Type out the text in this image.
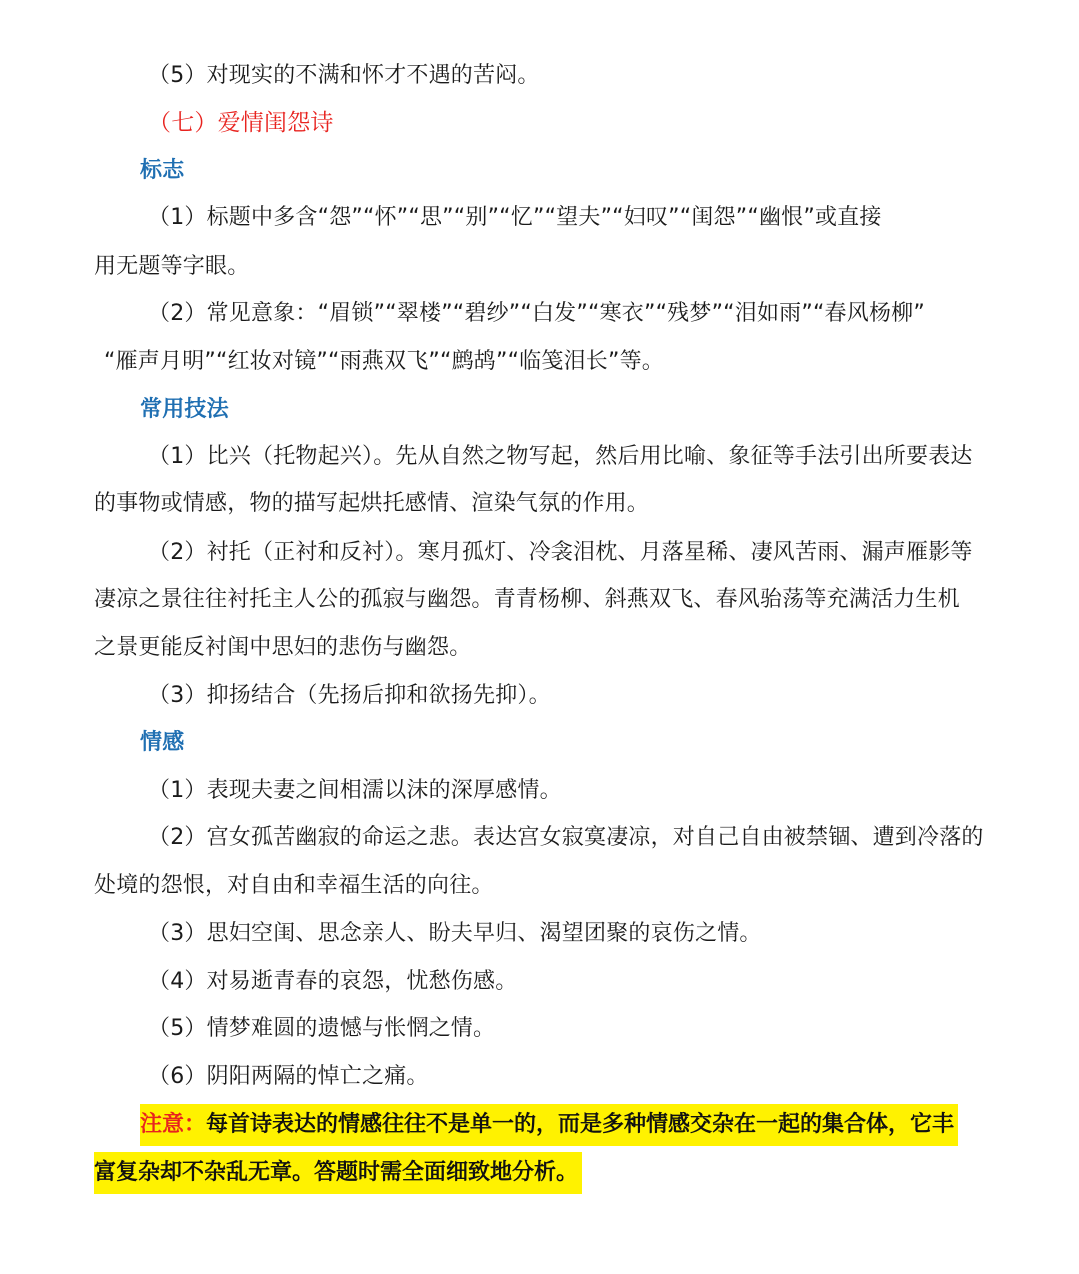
（5）对现实的不满和怀才不遇的苦闷。
（七）爱情闺怨诗
标志
（1）标题中多含“怨”“怀”“思”“别”“忆”“望夫”“妇叹”“闺怨”“幽恨”或直接
用无题等字眼。
（2）常见意象：“眉锁”“翠楼”“碧纱”“白发”“寒衣”“残梦”“泪如雨”“春风杨柳”
“雁声月明”“红妆对镜”“雨燕双飞”“鹧鸪”“临笺泪长”等。
常用技法
（1）比兴（托物起兴）。先从自然之物写起，然后用比喻、象征等手法引出所要表达
的事物或情感，物的描写起烘托感情、渲染气氛的作用。
（2）衬托（正衬和反衬）。寒月孤灯、冷衾泪枕、月落星稀、凄风苦雨、漏声雁影等
凄凉之景往往衬托主人公的孤寂与幽怨。青青杨柳、斜燕双飞、春风骀荡等充满活力生机
之景更能反衬闺中思妇的悲伤与幽怨。
（3）抑扬结合（先扬后抑和欲扬先抑）。
情感
（1）表现夫妻之间相濡以沫的深厚感情。
（2）宫女孤苦幽寂的命运之悲。表达宫女寂寞凄凉，对自己自由被禁锢、遭到冷落的
处境的怨恨，对自由和幸福生活的向往。
（3）思妇空闺、思念亲人、盼夫早归、渴望团聚的哀伤之情。
（4）对易逝青春的哀怨，忧愁伤感。
（5）情梦难圆的遗憾与怅惘之情。
（6）阴阳两隔的悼亡之痛。
注意：每首诗表达的情感往往不是单一的，而是多种情感交杂在一起的集合体，它丰
富复杂却不杂乱无章。答题时需全面细致地分析。
